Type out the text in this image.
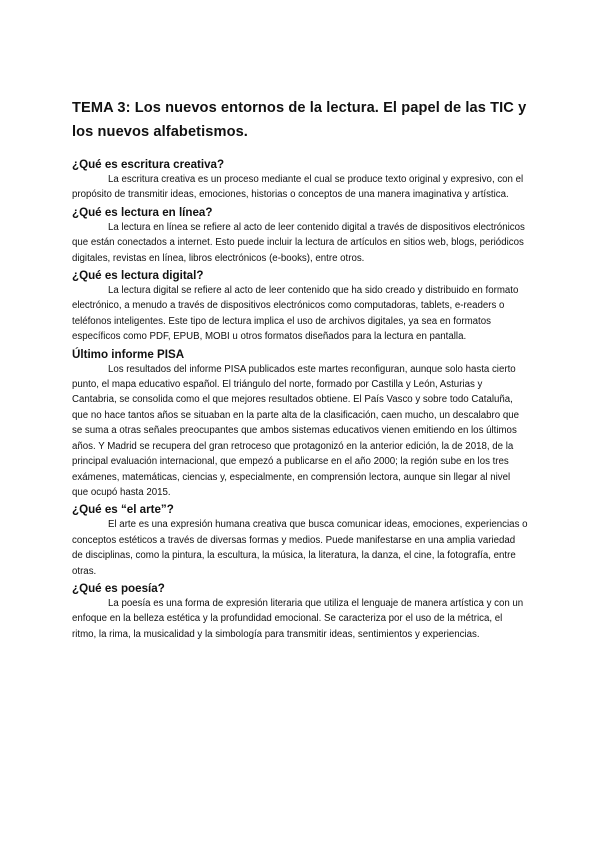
TEMA 3: Los nuevos entornos de la lectura. El papel de las TIC y los nuevos alfabetismos.
¿Qué es escritura creativa?

La escritura creativa es un proceso mediante el cual se produce texto original y expresivo, con el propósito de transmitir ideas, emociones, historias o conceptos de una manera imaginativa y artística.

¿Qué es lectura en línea?

La lectura en línea se refiere al acto de leer contenido digital a través de dispositivos electrónicos que están conectados a internet. Esto puede incluir la lectura de artículos en sitios web, blogs, periódicos digitales, revistas en línea, libros electrónicos (e-books), entre otros.

¿Qué es lectura digital?

La lectura digital se refiere al acto de leer contenido que ha sido creado y distribuido en formato electrónico, a menudo a través de dispositivos electrónicos como computadoras, tablets, e-readers o teléfonos inteligentes. Este tipo de lectura implica el uso de archivos digitales, ya sea en formatos específicos como PDF, EPUB, MOBI u otros formatos diseñados para la lectura en pantalla.

Último informe PISA

Los resultados del informe PISA publicados este martes reconfiguran, aunque solo hasta cierto punto, el mapa educativo español. El triángulo del norte, formado por Castilla y León, Asturias y Cantabria, se consolida como el que mejores resultados obtiene. El País Vasco y sobre todo Cataluña, que no hace tantos años se situaban en la parte alta de la clasificación, caen mucho, un descalabro que se suma a otras señales preocupantes que ambos sistemas educativos vienen emitiendo en los últimos años. Y Madrid se recupera del gran retroceso que protagonizó en la anterior edición, la de 2018, de la principal evaluación internacional, que empezó a publicarse en el año 2000; la región sube en los tres exámenes, matemáticas, ciencias y, especialmente, en comprensión lectora, aunque sin llegar al nivel que ocupó hasta 2015.

¿Qué es “el arte”?

El arte es una expresión humana creativa que busca comunicar ideas, emociones, experiencias o conceptos estéticos a través de diversas formas y medios. Puede manifestarse en una amplia variedad de disciplinas, como la pintura, la escultura, la música, la literatura, la danza, el cine, la fotografía, entre otras.

¿Qué es poesía?

La poesía es una forma de expresión literaria que utiliza el lenguaje de manera artística y con un enfoque en la belleza estética y la profundidad emocional. Se caracteriza por el uso de la métrica, el ritmo, la rima, la musicalidad y la simbología para transmitir ideas, sentimientos y experiencias.
